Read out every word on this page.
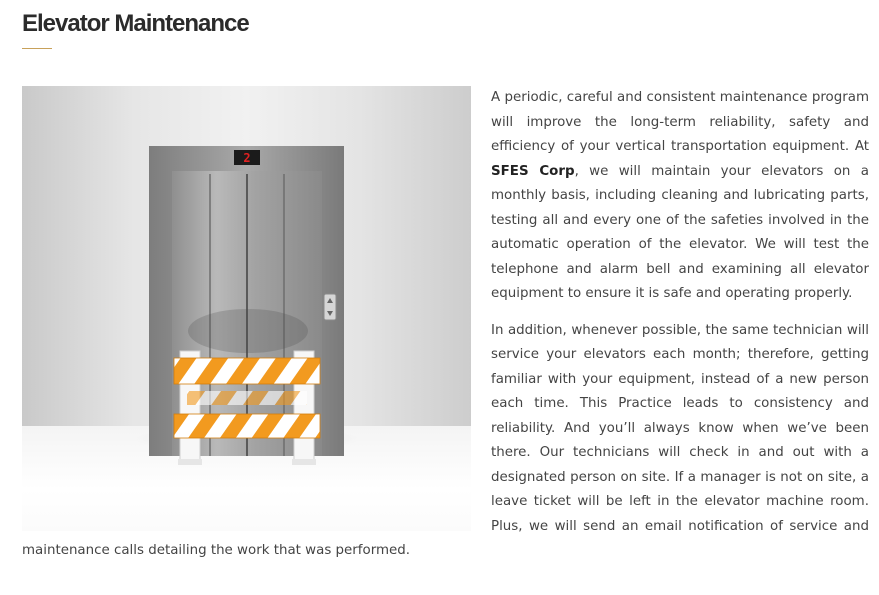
Elevator Maintenance
2

A periodic, careful and consistent maintenance program will improve the long-term reliability, safety and efficiency of your vertical transportation equipment. At SFES Corp, we will maintain your elevators on a monthly basis, including cleaning and lubricating parts, testing all and every one of the safeties involved in the automatic operation of the elevator. We will test the telephone and alarm bell and examining all elevator equipment to ensure it is safe and operating properly.

In addition, whenever possible, the same technician will service your elevators each month; therefore, getting familiar with your equipment, instead of a new person each time. This Practice leads to consistency and reliability. And you’ll always know when we’ve been there. Our technicians will check in and out with a designated person on site. If a manager is not on site, a leave ticket will be left in the elevator machine room. Plus, we will send an email notification of service and maintenance calls detailing the work that was performed.
